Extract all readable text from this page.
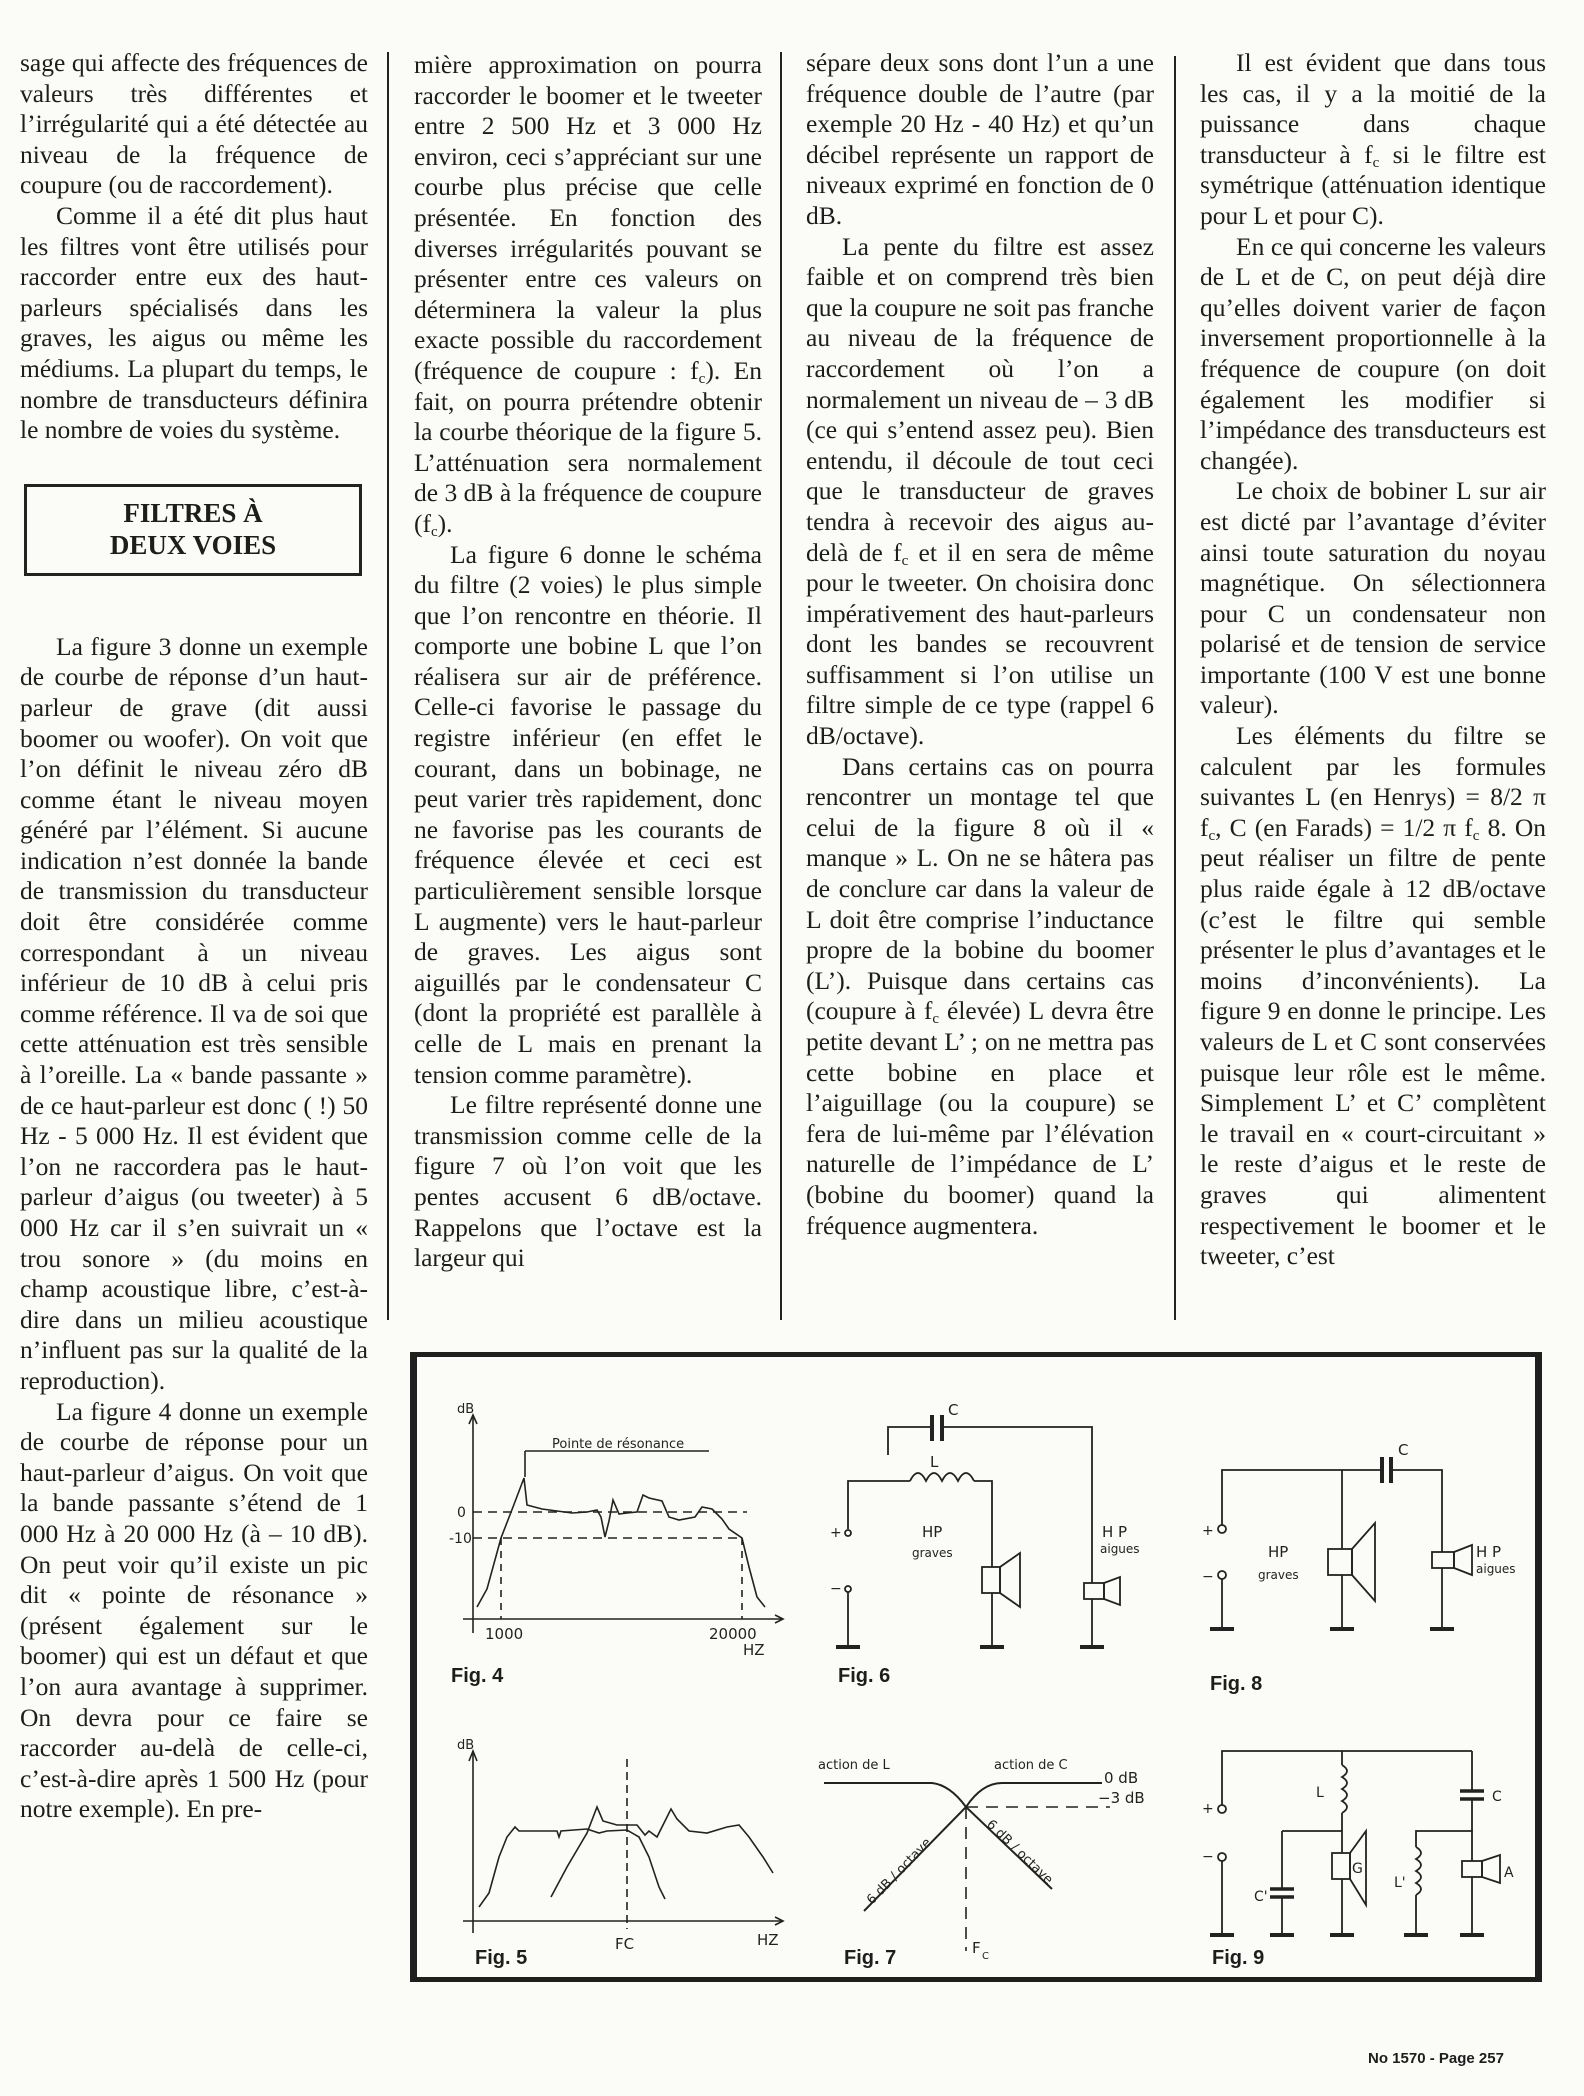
sage qui affecte des fréquences de valeurs très différentes et l’irrégularité qui a été détectée au niveau de la fréquence de coupure (ou de raccordement).

Comme il a été dit plus haut les filtres vont être utilisés pour raccorder entre eux des haut-parleurs spécialisés dans les graves, les aigus ou même les médiums. La plupart du temps, le nombre de transducteurs définira le nombre de voies du système.

FILTRES À
DEUX VOIES

La figure 3 donne un exemple de courbe de réponse d’un haut-parleur de grave (dit aussi boomer ou woofer). On voit que l’on définit le niveau zéro dB comme étant le niveau moyen généré par l’élément. Si aucune indication n’est donnée la bande de transmission du transducteur doit être considérée comme correspondant à un niveau inférieur de 10 dB à celui pris comme référence. Il va de soi que cette atténuation est très sensible à l’oreille. La « bande passante » de ce haut-parleur est donc ( !) 50 Hz - 5 000 Hz. Il est évident que l’on ne raccordera pas le haut-parleur d’aigus (ou tweeter) à 5 000 Hz car il s’en suivrait un « trou sonore » (du moins en champ acoustique libre, c’est-à-dire dans un milieu acoustique n’influent pas sur la qualité de la reproduction).

La figure 4 donne un exemple de courbe de réponse pour un haut-parleur d’aigus. On voit que la bande passante s’étend de 1 000 Hz à 20 000 Hz (à – 10 dB). On peut voir qu’il existe un pic dit « pointe de résonance » (présent également sur le boomer) qui est un défaut et que l’on aura avantage à supprimer. On devra pour ce faire se raccorder au-delà de celle-ci, c’est-à-dire après 1 500 Hz (pour notre exemple). En pre-

mière approximation on pourra raccorder le boomer et le tweeter entre 2 500 Hz et 3 000 Hz environ, ceci s’appréciant sur une courbe plus précise que celle présentée. En fonction des diverses irrégularités pouvant se présenter entre ces valeurs on déterminera la valeur la plus exacte possible du raccordement (fréquence de coupure : $f_c$). En fait, on pourra prétendre obtenir la courbe théorique de la figure 5. L’atténuation sera normalement de 3 dB à la fréquence de coupure $(f_c)$.

La figure 6 donne le schéma du filtre (2 voies) le plus simple que l’on rencontre en théorie. Il comporte une bobine L que l’on réalisera sur air de préférence. Celle-ci favorise le passage du registre inférieur (en effet le courant, dans un bobinage, ne peut varier très rapidement, donc ne favorise pas les courants de fréquence élevée et ceci est particulièrement sensible lorsque L augmente) vers le haut-parleur de graves. Les aigus sont aiguillés par le condensateur C (dont la propriété est parallèle à celle de L mais en prenant la tension comme paramètre).

Le filtre représenté donne une transmission comme celle de la figure 7 où l’on voit que les pentes accusent 6 dB/octave. Rappelons que l’octave est la largeur qui

sépare deux sons dont l’un a une fréquence double de l’autre (par exemple 20 Hz - 40 Hz) et qu’un décibel représente un rapport de niveaux exprimé en fonction de 0 dB.

La pente du filtre est assez faible et on comprend très bien que la coupure ne soit pas franche au niveau de la fréquence de raccordement où l’on a normalement un niveau de – 3 dB (ce qui s’entend assez peu). Bien entendu, il découle de tout ceci que le transducteur de graves tendra à recevoir des aigus au-delà de $f_c$ et il en sera de même pour le tweeter. On choisira donc impérativement des haut-parleurs dont les bandes se recouvrent suffisamment si l’on utilise un filtre simple de ce type (rappel 6 dB/octave).

Dans certains cas on pourra rencontrer un montage tel que celui de la figure 8 où il « manque » L. On ne se hâtera pas de conclure car dans la valeur de L doit être comprise l’inductance propre de la bobine du boomer (L’). Puisque dans certains cas (coupure à $f_c$ élevée) L devra être petite devant L’ ; on ne mettra pas cette bobine en place et l’aiguillage (ou la coupure) se fera de lui-même par l’élévation naturelle de l’impédance de L’ (bobine du boomer) quand la fréquence augmentera.

Il est évident que dans tous les cas, il y a la moitié de la puissance dans chaque transducteur à $f_c$ si le filtre est symétrique (atténuation identique pour L et pour C).

En ce qui concerne les valeurs de L et de C, on peut déjà dire qu’elles doivent varier de façon inversement proportionnelle à la fréquence de coupure (on doit également les modifier si l’impédance des transducteurs est changée).

Le choix de bobiner L sur air est dicté par l’avantage d’éviter ainsi toute saturation du noyau magnétique. On sélectionnera pour C un condensateur non polarisé et de tension de service importante (100 V est une bonne valeur).

Les éléments du filtre se calculent par les formules suivantes L (en Henrys) = 8/2 π $f_c$, C (en Farads) = 1/2 π $f_c$ 8. On peut réaliser un filtre de pente plus raide égale à 12 dB/octave (c’est le filtre qui semble présenter le plus d’avantages et le moins d’inconvénients). La figure 9 en donne le principe. Les valeurs de L et C sont conservées puisque leur rôle est le même. Simplement L’ et C’ complètent le travail en « court-circuitant » le reste d’aigus et le reste de graves qui alimentent respectivement le boomer et le tweeter, c’est

dB
Pointe de résonance
0
-10
1000	20000
HZ
Fig. 4
C
L
+
−
HP
graves
H P
aigues
Fig. 6
C
+
−
HP
graves
H P
aigues
Fig. 8
dB
FC	HZ
Fig. 5
action de L	action de C
0 dB
−3 dB
6 dB / octave	6 dB / octave
F C
Fig. 7
L	C
C'
L'
G	A
+
−
Fig. 9
No 1570 - Page 257
